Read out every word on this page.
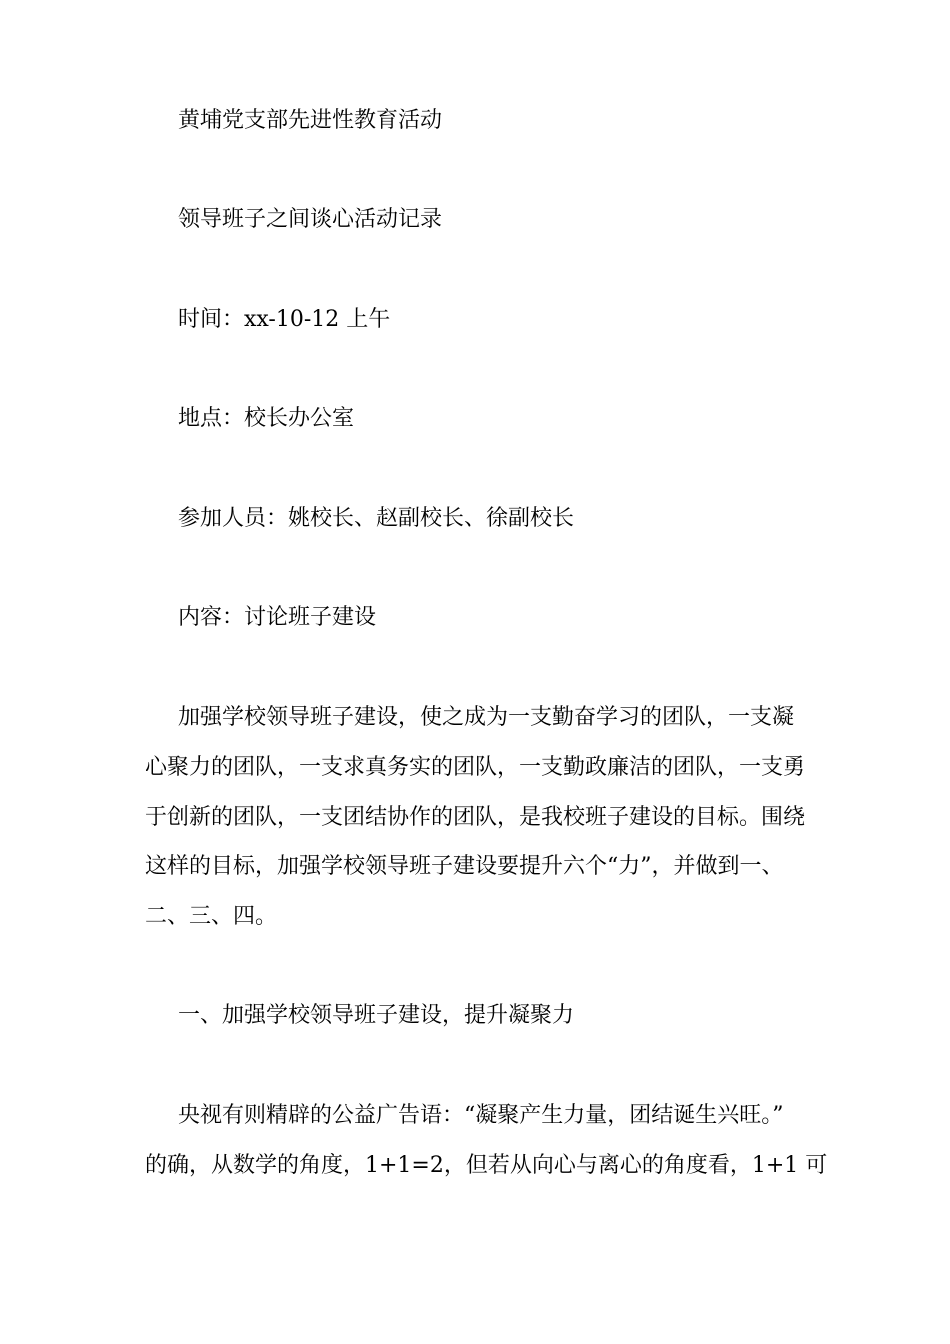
黄埔党支部先进性教育活动
领导班子之间谈心活动记录
时间：xx-10-12 上午
地点：校长办公室
参加人员：姚校长、赵副校长、徐副校长
内容：讨论班子建设
加强学校领导班子建设，使之成为一支勤奋学习的团队，一支凝
心聚力的团队，一支求真务实的团队，一支勤政廉洁的团队，一支勇
于创新的团队，一支团结协作的团队，是我校班子建设的目标。围绕
这样的目标，加强学校领导班子建设要提升六个“力”，并做到一、
二、三、四。
一、加强学校领导班子建设，提升凝聚力
央视有则精辟的公益广告语：“凝聚产生力量，团结诞生兴旺。”
的确，从数学的角度，1+1=2，但若从向心与离心的角度看，1+1 可
